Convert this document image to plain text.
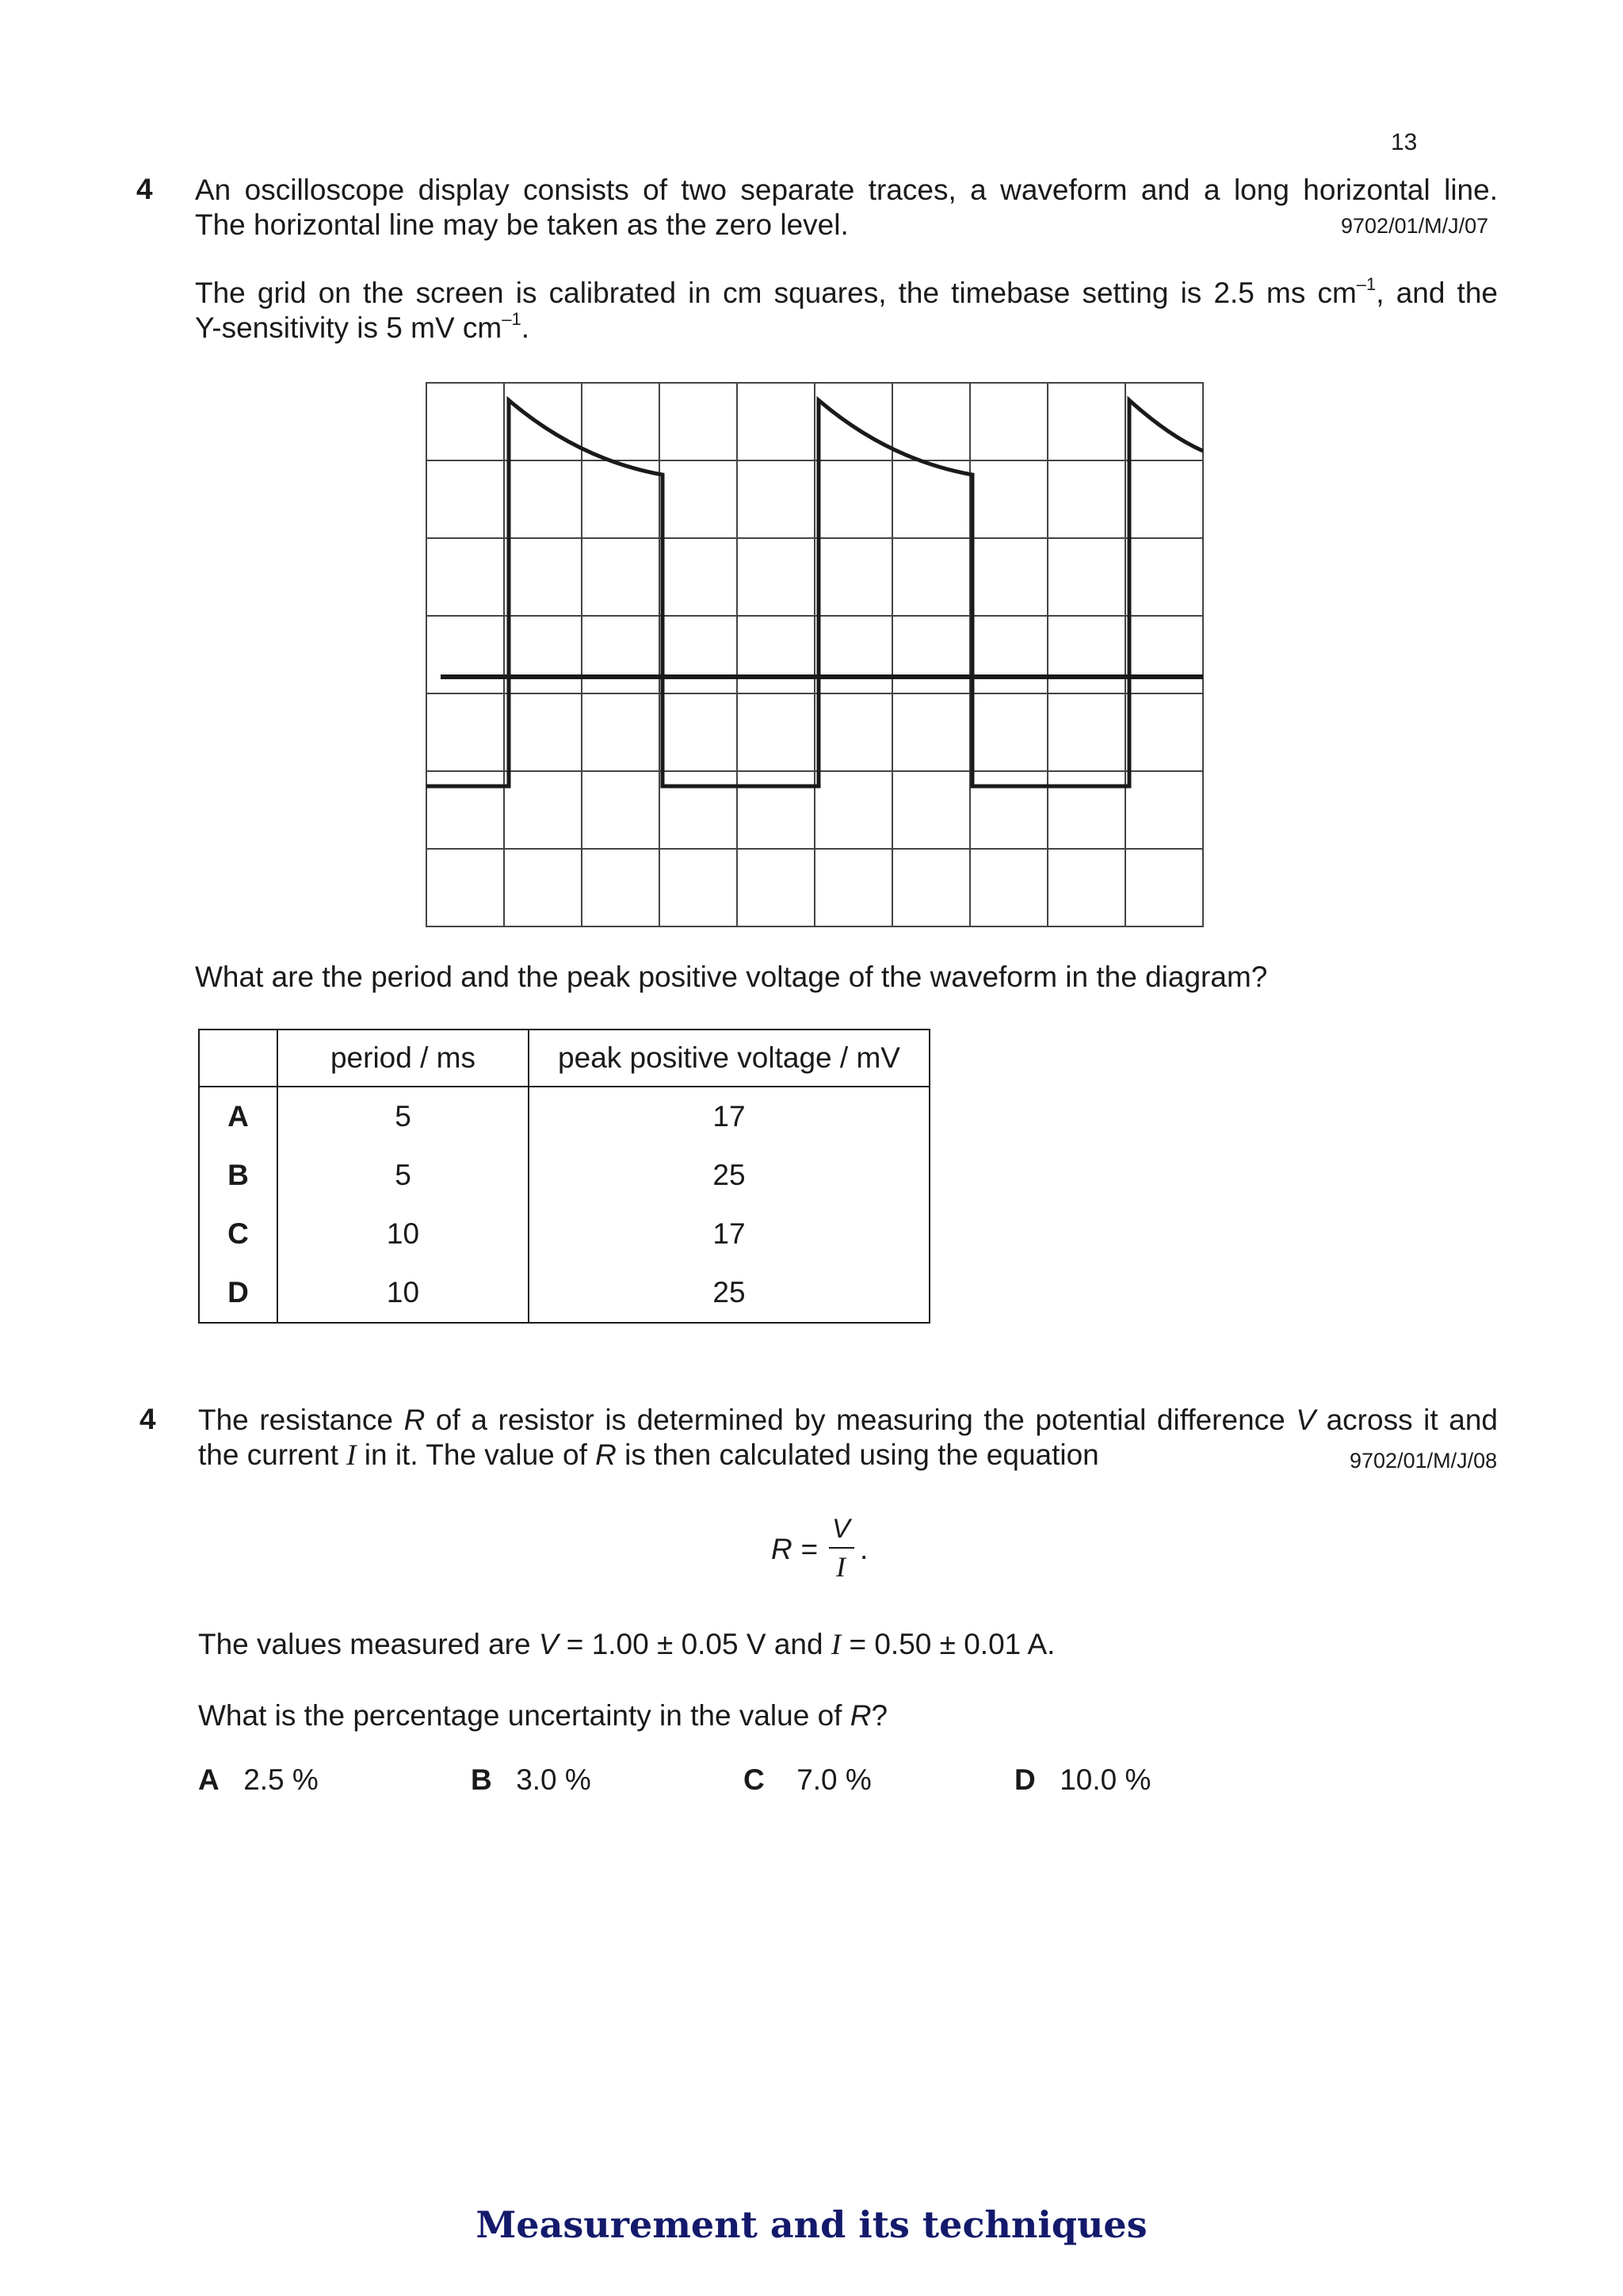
13
4 An oscilloscope display consists of two separate traces, a waveform and a long horizontal line.
The horizontal line may be taken as the zero level.	9702/01/M/J/07
The grid on the screen is calibrated in cm squares, the timebase setting is 2.5 ms $cm^{-1}$, and the
Y-sensitivity is 5 mV $cm^{-1}$.
What are the period and the peak positive voltage of the waveform in the diagram?
	period / ms	peak positive voltage / mV
A	5	17
B	5	25
C	10	17
D	10	25
4 The resistance R of a resistor is determined by measuring the potential difference V across it and
the current I in it. The value of R is then calculated using the equation	9702/01/M/J/08
R =
V
I
.
The values measured are V = 1.00 ± 0.05 V and I = 0.50 ± 0.01 A.
What is the percentage uncertainty in the value of R?
A 2.5 %	B 3.0 %	C 7.0 %	D 10.0 %
Measurement and its techniques
